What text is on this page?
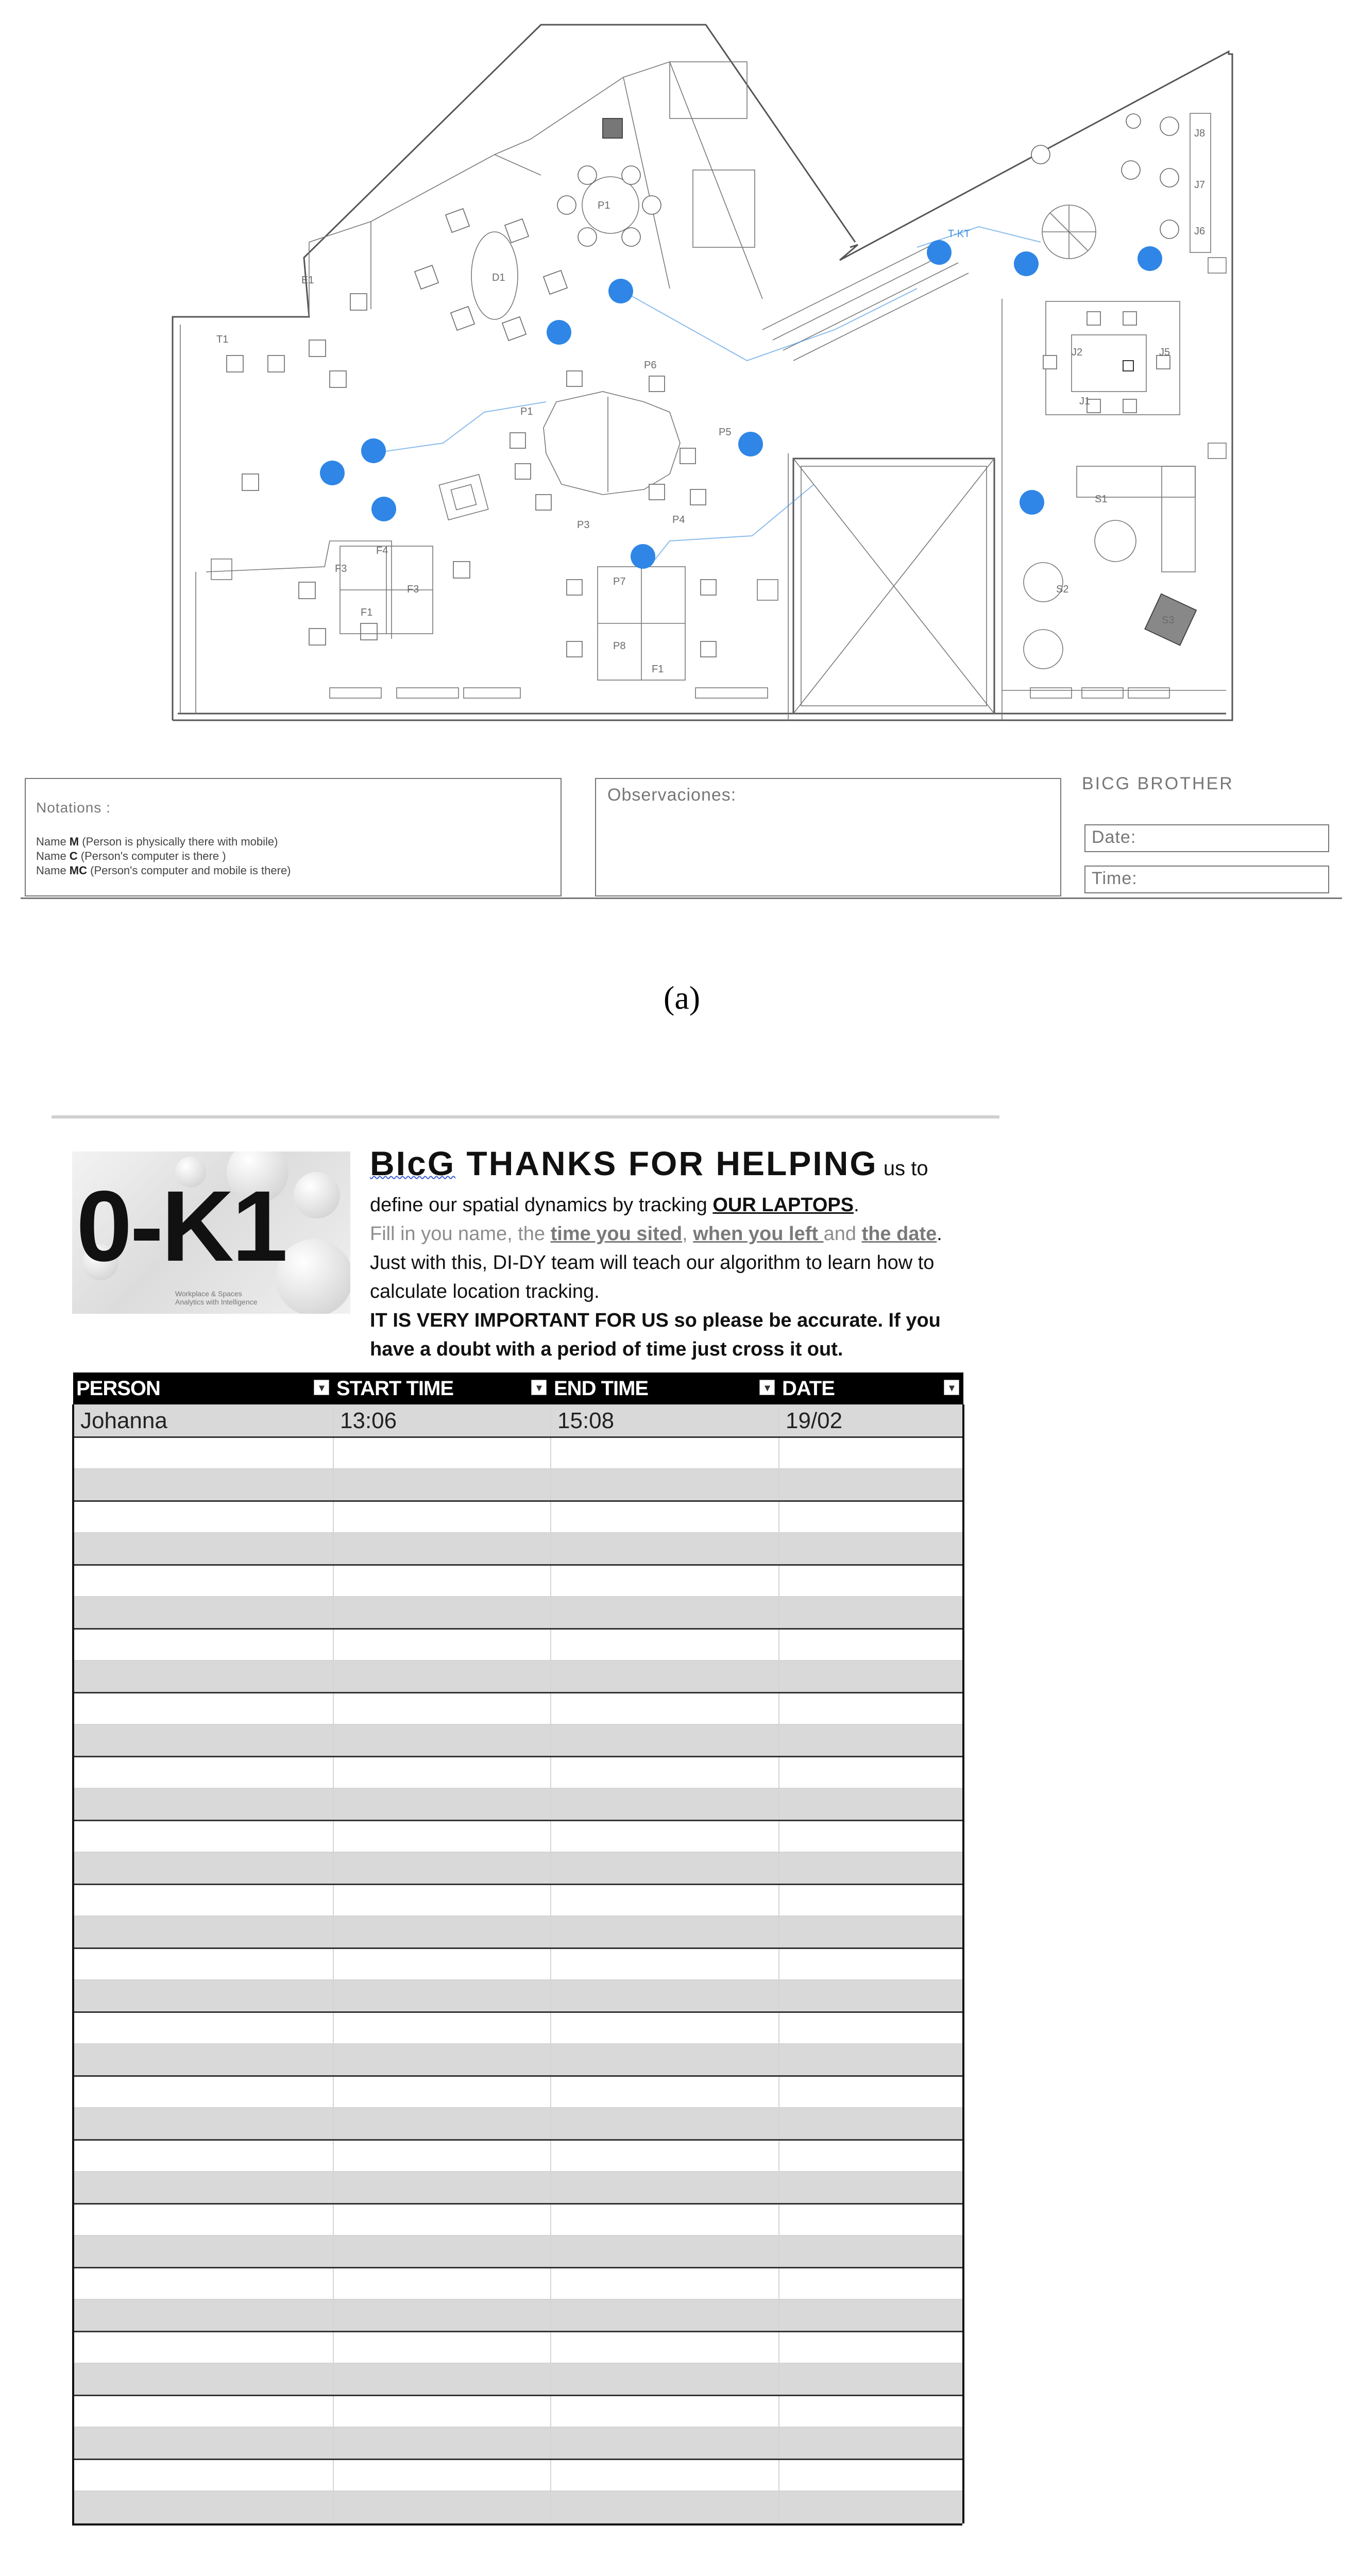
E1	D1
T1
P1
P1
P6
P5
P4
P3
P7
P8
F1
F4
F3
F3
F1
T-KT
J2	J5
J1
J8
J7
J6
S1
S2
S3
Notations :
Name M (Person is physically there with mobile)
Name C (Person's computer is there )
Name MC (Person's computer and mobile is there)
Observaciones:
BICG BROTHER
Date:
Time:
(a)
0-K1
Workplace & Spaces
Analytics with Intelligence
BIcG THANKS FOR HELPING us to
define our spatial dynamics by tracking OUR LAPTOPS.
Fill in you name, the time you sited, when you left and the date. Just with this, DI-DY team will teach our algorithm to learn how to calculate location tracking.
IT IS VERY IMPORTANT FOR US so please be accurate. If you have a doubt with a period of time just cross it out.
PERSON ▾	START TIME ▾	END TIME ▾	DATE ▾

Johanna	13:06	15:08	19/02
